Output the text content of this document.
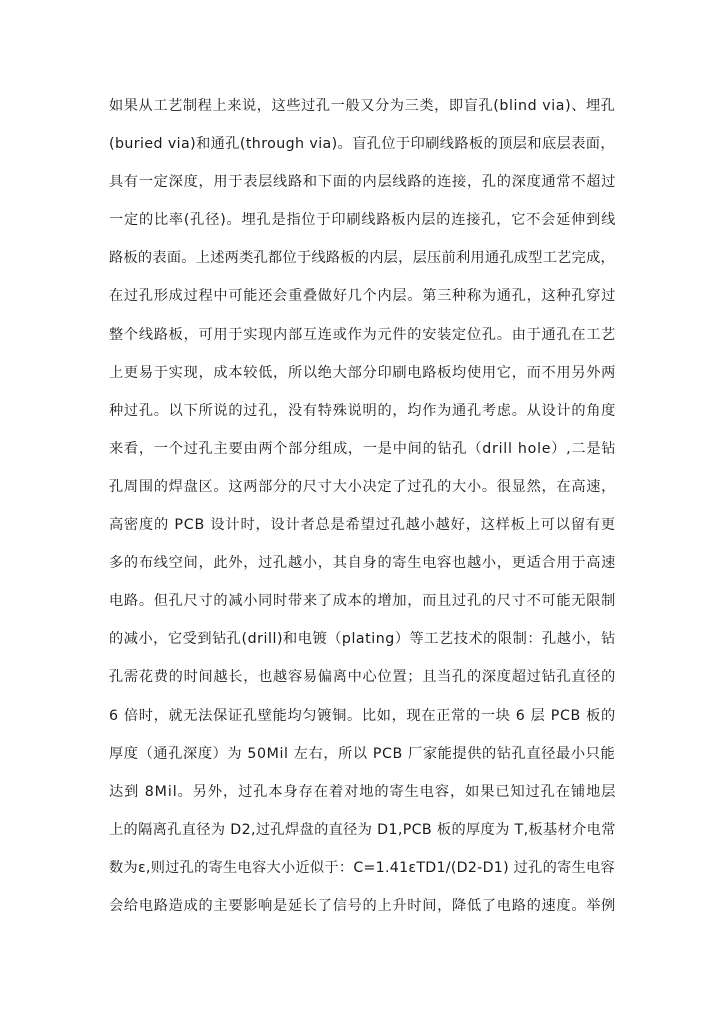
如果从工艺制程上来说，这些过孔一般又分为三类，即盲孔(blind via)、埋孔
(buried via)和通孔(through via)。盲孔位于印刷线路板的顶层和底层表面，
具有一定深度，用于表层线路和下面的内层线路的连接，孔的深度通常不超过
一定的比率(孔径)。埋孔是指位于印刷线路板内层的连接孔，它不会延伸到线
路板的表面。上述两类孔都位于线路板的内层，层压前利用通孔成型工艺完成，
在过孔形成过程中可能还会重叠做好几个内层。第三种称为通孔，这种孔穿过
整个线路板，可用于实现内部互连或作为元件的安装定位孔。由于通孔在工艺
上更易于实现，成本较低，所以绝大部分印刷电路板均使用它，而不用另外两
种过孔。以下所说的过孔，没有特殊说明的，均作为通孔考虑。从设计的角度
来看，一个过孔主要由两个部分组成，一是中间的钻孔（drill hole）,二是钻
孔周围的焊盘区。这两部分的尺寸大小决定了过孔的大小。很显然，在高速，
高密度的 PCB 设计时，设计者总是希望过孔越小越好，这样板上可以留有更
多的布线空间，此外，过孔越小，其自身的寄生电容也越小，更适合用于高速
电路。但孔尺寸的减小同时带来了成本的增加，而且过孔的尺寸不可能无限制
的减小，它受到钻孔(drill)和电镀（plating）等工艺技术的限制：孔越小，钻
孔需花费的时间越长，也越容易偏离中心位置；且当孔的深度超过钻孔直径的
6 倍时，就无法保证孔壁能均匀镀铜。比如，现在正常的一块 6 层 PCB 板的
厚度（通孔深度）为 50Mil 左右，所以 PCB 厂家能提供的钻孔直径最小只能
达到 8Mil。另外，过孔本身存在着对地的寄生电容，如果已知过孔在铺地层
上的隔离孔直径为 D2,过孔焊盘的直径为 D1,PCB 板的厚度为 T,板基材介电常
数为ε,则过孔的寄生电容大小近似于：C=1.41εTD1/(D2-D1) 过孔的寄生电容
会给电路造成的主要影响是延长了信号的上升时间，降低了电路的速度。举例
